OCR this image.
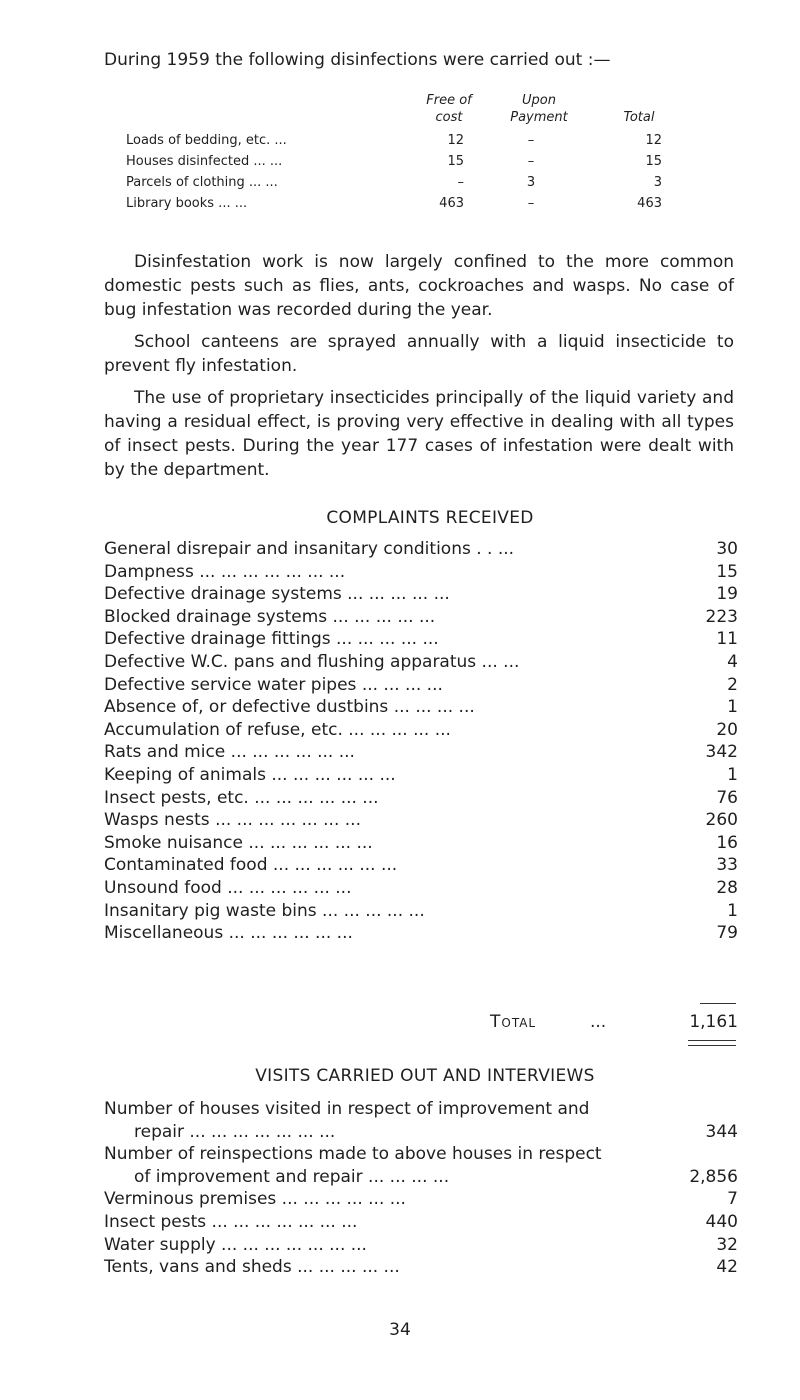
During 1959 the following disinfections were carried out :—
Free of cost
Upon Payment	Total
Loads of bedding, etc. ...	12	–	12
Houses disinfected ... ...	15	–	15
Parcels of clothing ... ...	–	3	3
Library books ... ...	463	–	463

Disinfestation work is now largely confined to the more common domestic pests such as flies, ants, cockroaches and wasps. No case of bug infestation was recorded during the year.

School canteens are sprayed annually with a liquid insecticide to prevent fly infestation.

The use of proprietary insecticides principally of the liquid variety and having a residual effect, is proving very effective in dealing with all types of insect pests. During the year 177 cases of infestation were dealt with by the department.

COMPLAINTS RECEIVED
General disrepair and insanitary conditions . . ...	30
Dampness ... ... ... ... ... ... ...	15
Defective drainage systems ... ... ... ... ...	19
Blocked drainage systems ... ... ... ... ...	223
Defective drainage fittings ... ... ... ... ...	11
Defective W.C. pans and flushing apparatus ... ...	4
Defective service water pipes ... ... ... ...	2
Absence of, or defective dustbins ... ... ... ...	1
Accumulation of refuse, etc. ... ... ... ... ...	20
Rats and mice ... ... ... ... ... ...	342
Keeping of animals ... ... ... ... ... ...	1
Insect pests, etc. ... ... ... ... ... ...	76
Wasps nests ... ... ... ... ... ... ...	260
Smoke nuisance ... ... ... ... ... ...	16
Contaminated food ... ... ... ... ... ...	33
Unsound food ... ... ... ... ... ...	28
Insanitary pig waste bins ... ... ... ... ...	1
Miscellaneous ... ... ... ... ... ...	79
Total	...	1,161
VISITS CARRIED OUT AND INTERVIEWS
Number of houses visited in respect of improvement and
repair ... ... ... ... ... ... ...	344
Number of reinspections made to above houses in respect
of improvement and repair ... ... ... ...	2,856
Verminous premises ... ... ... ... ... ...	7
Insect pests ... ... ... ... ... ... ...	440
Water supply ... ... ... ... ... ... ...	32
Tents, vans and sheds ... ... ... ... ...	42
34
